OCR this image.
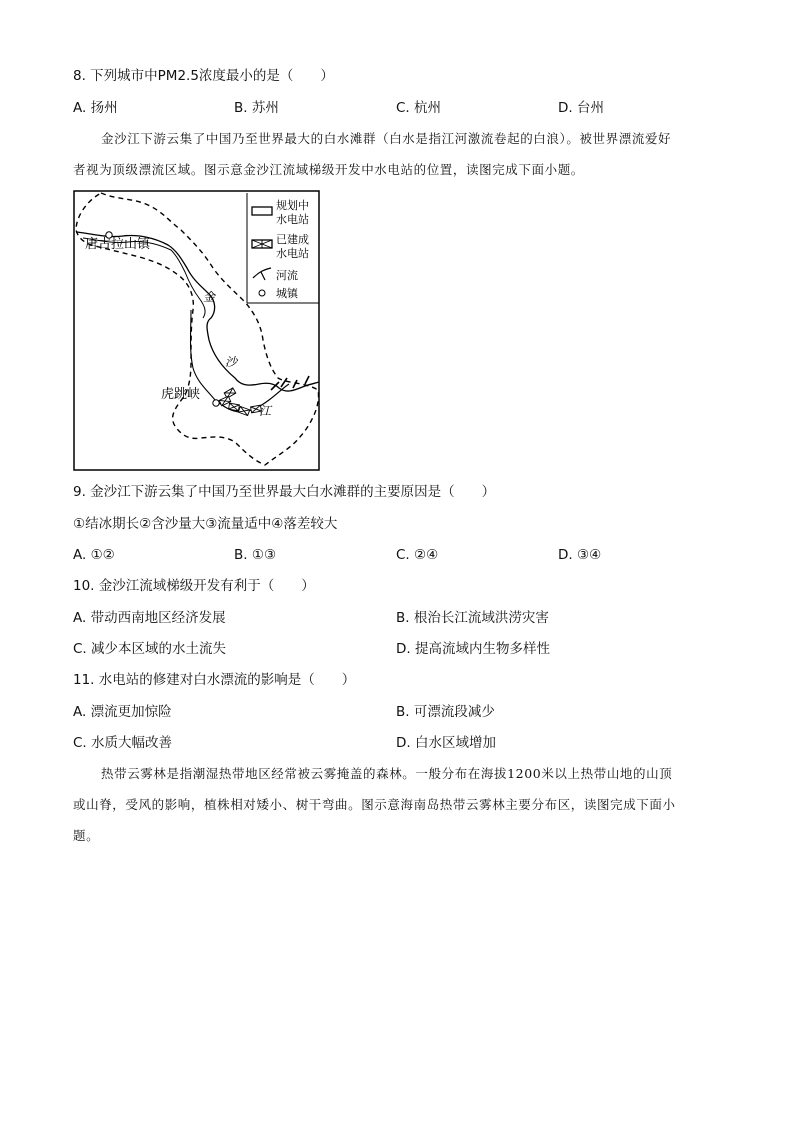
8. 下列城市中PM2.5浓度最小的是（　　）
A. 扬州	B. 苏州	C. 杭州	D. 台州
金沙江下游云集了中国乃至世界最大的白水滩群（白水是指江河激流卷起的白浪）。被世界漂流爱好
者视为顶级漂流区域。图示意金沙江流域梯级开发中水电站的位置，读图完成下面小题。
唐古拉山镇
虎跳峡
金
沙
江
规划中
水电站
已建成
水电站
河流
城镇
9. 金沙江下游云集了中国乃至世界最大白水滩群的主要原因是（　　）
①结冰期长②含沙量大③流量适中④落差较大
A. ①②	B. ①③	C. ②④	D. ③④
10. 金沙江流域梯级开发有利于（　　）
A. 带动西南地区经济发展	B. 根治长江流域洪涝灾害
C. 减少本区域的水土流失	D. 提高流域内生物多样性
11. 水电站的修建对白水漂流的影响是（　　）
A. 漂流更加惊险	B. 可漂流段减少
C. 水质大幅改善	D. 白水区域增加
热带云雾林是指潮湿热带地区经常被云雾掩盖的森林。一般分布在海拔1200米以上热带山地的山顶
或山脊，受风的影响，植株相对矮小、树干弯曲。图示意海南岛热带云雾林主要分布区，读图完成下面小
题。
